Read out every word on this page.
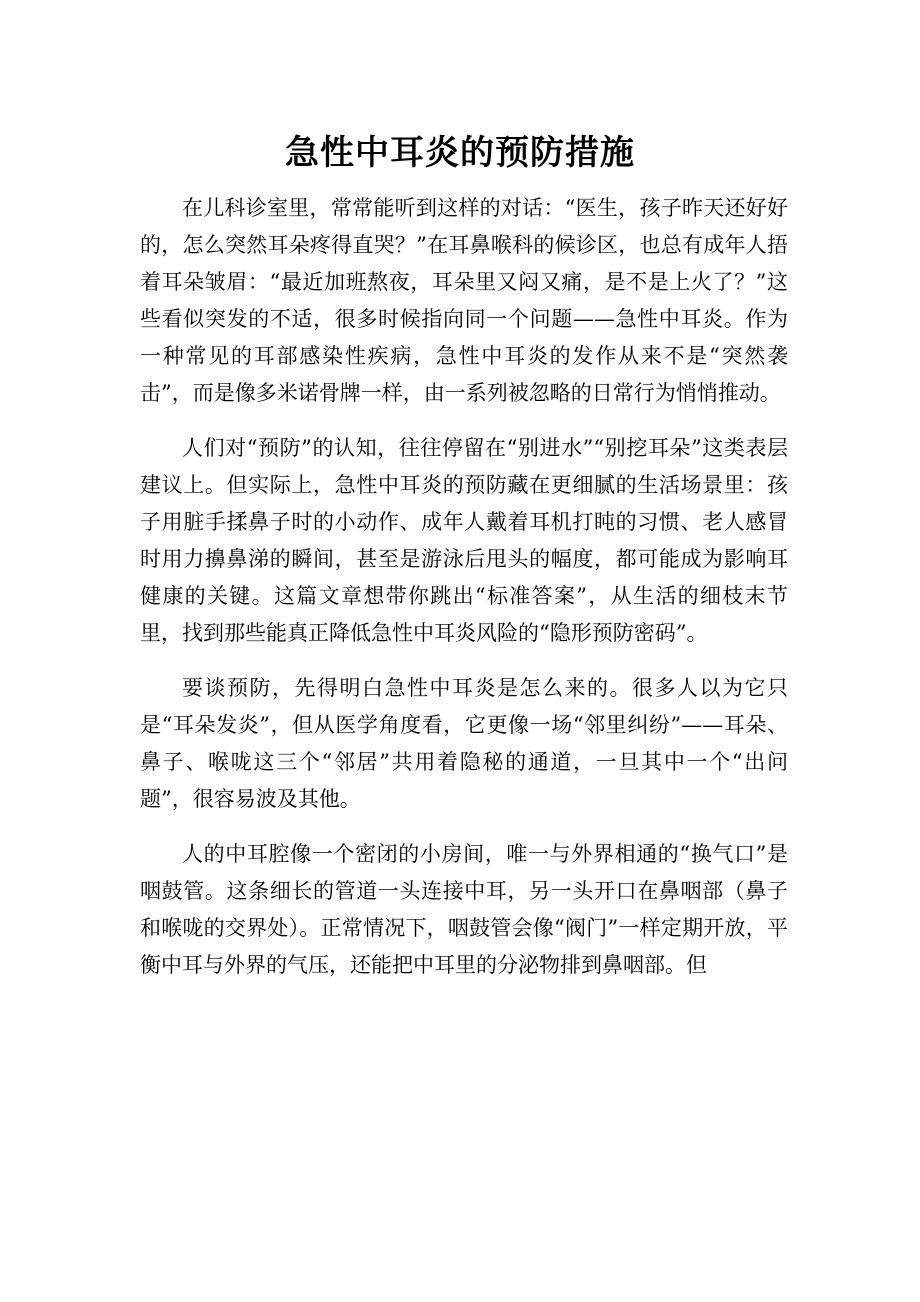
急性中耳炎的预防措施

在儿科诊室里，常常能听到这样的对话：“医生，孩子昨天还好好的，怎么突然耳朵疼得直哭？”在耳鼻喉科的候诊区，也总有成年人捂着耳朵皱眉：“最近加班熬夜，耳朵里又闷又痛，是不是上火了？”这些看似突发的不适，很多时候指向同一个问题——急性中耳炎。作为一种常见的耳部感染性疾病，急性中耳炎的发作从来不是“突然袭击”，而是像多米诺骨牌一样，由一系列被忽略的日常行为悄悄推动。

人们对“预防”的认知，往往停留在“别进水”“别挖耳朵”这类表层建议上。但实际上，急性中耳炎的预防藏在更细腻的生活场景里：孩子用脏手揉鼻子时的小动作、成年人戴着耳机打盹的习惯、老人感冒时用力擤鼻涕的瞬间，甚至是游泳后甩头的幅度，都可能成为影响耳健康的关键。这篇文章想带你跳出“标准答案”，从生活的细枝末节里，找到那些能真正降低急性中耳炎风险的“隐形预防密码”。

要谈预防，先得明白急性中耳炎是怎么来的。很多人以为它只是“耳朵发炎”，但从医学角度看，它更像一场“邻里纠纷”——耳朵、鼻子、喉咙这三个“邻居”共用着隐秘的通道，一旦其中一个“出问题”，很容易波及其他。

人的中耳腔像一个密闭的小房间，唯一与外界相通的“换气口”是咽鼓管。这条细长的管道一头连接中耳，另一头开口在鼻咽部（鼻子和喉咙的交界处）。正常情况下，咽鼓管会像“阀门”一样定期开放，平衡中耳与外界的气压，还能把中耳里的分泌物排到鼻咽部。但
